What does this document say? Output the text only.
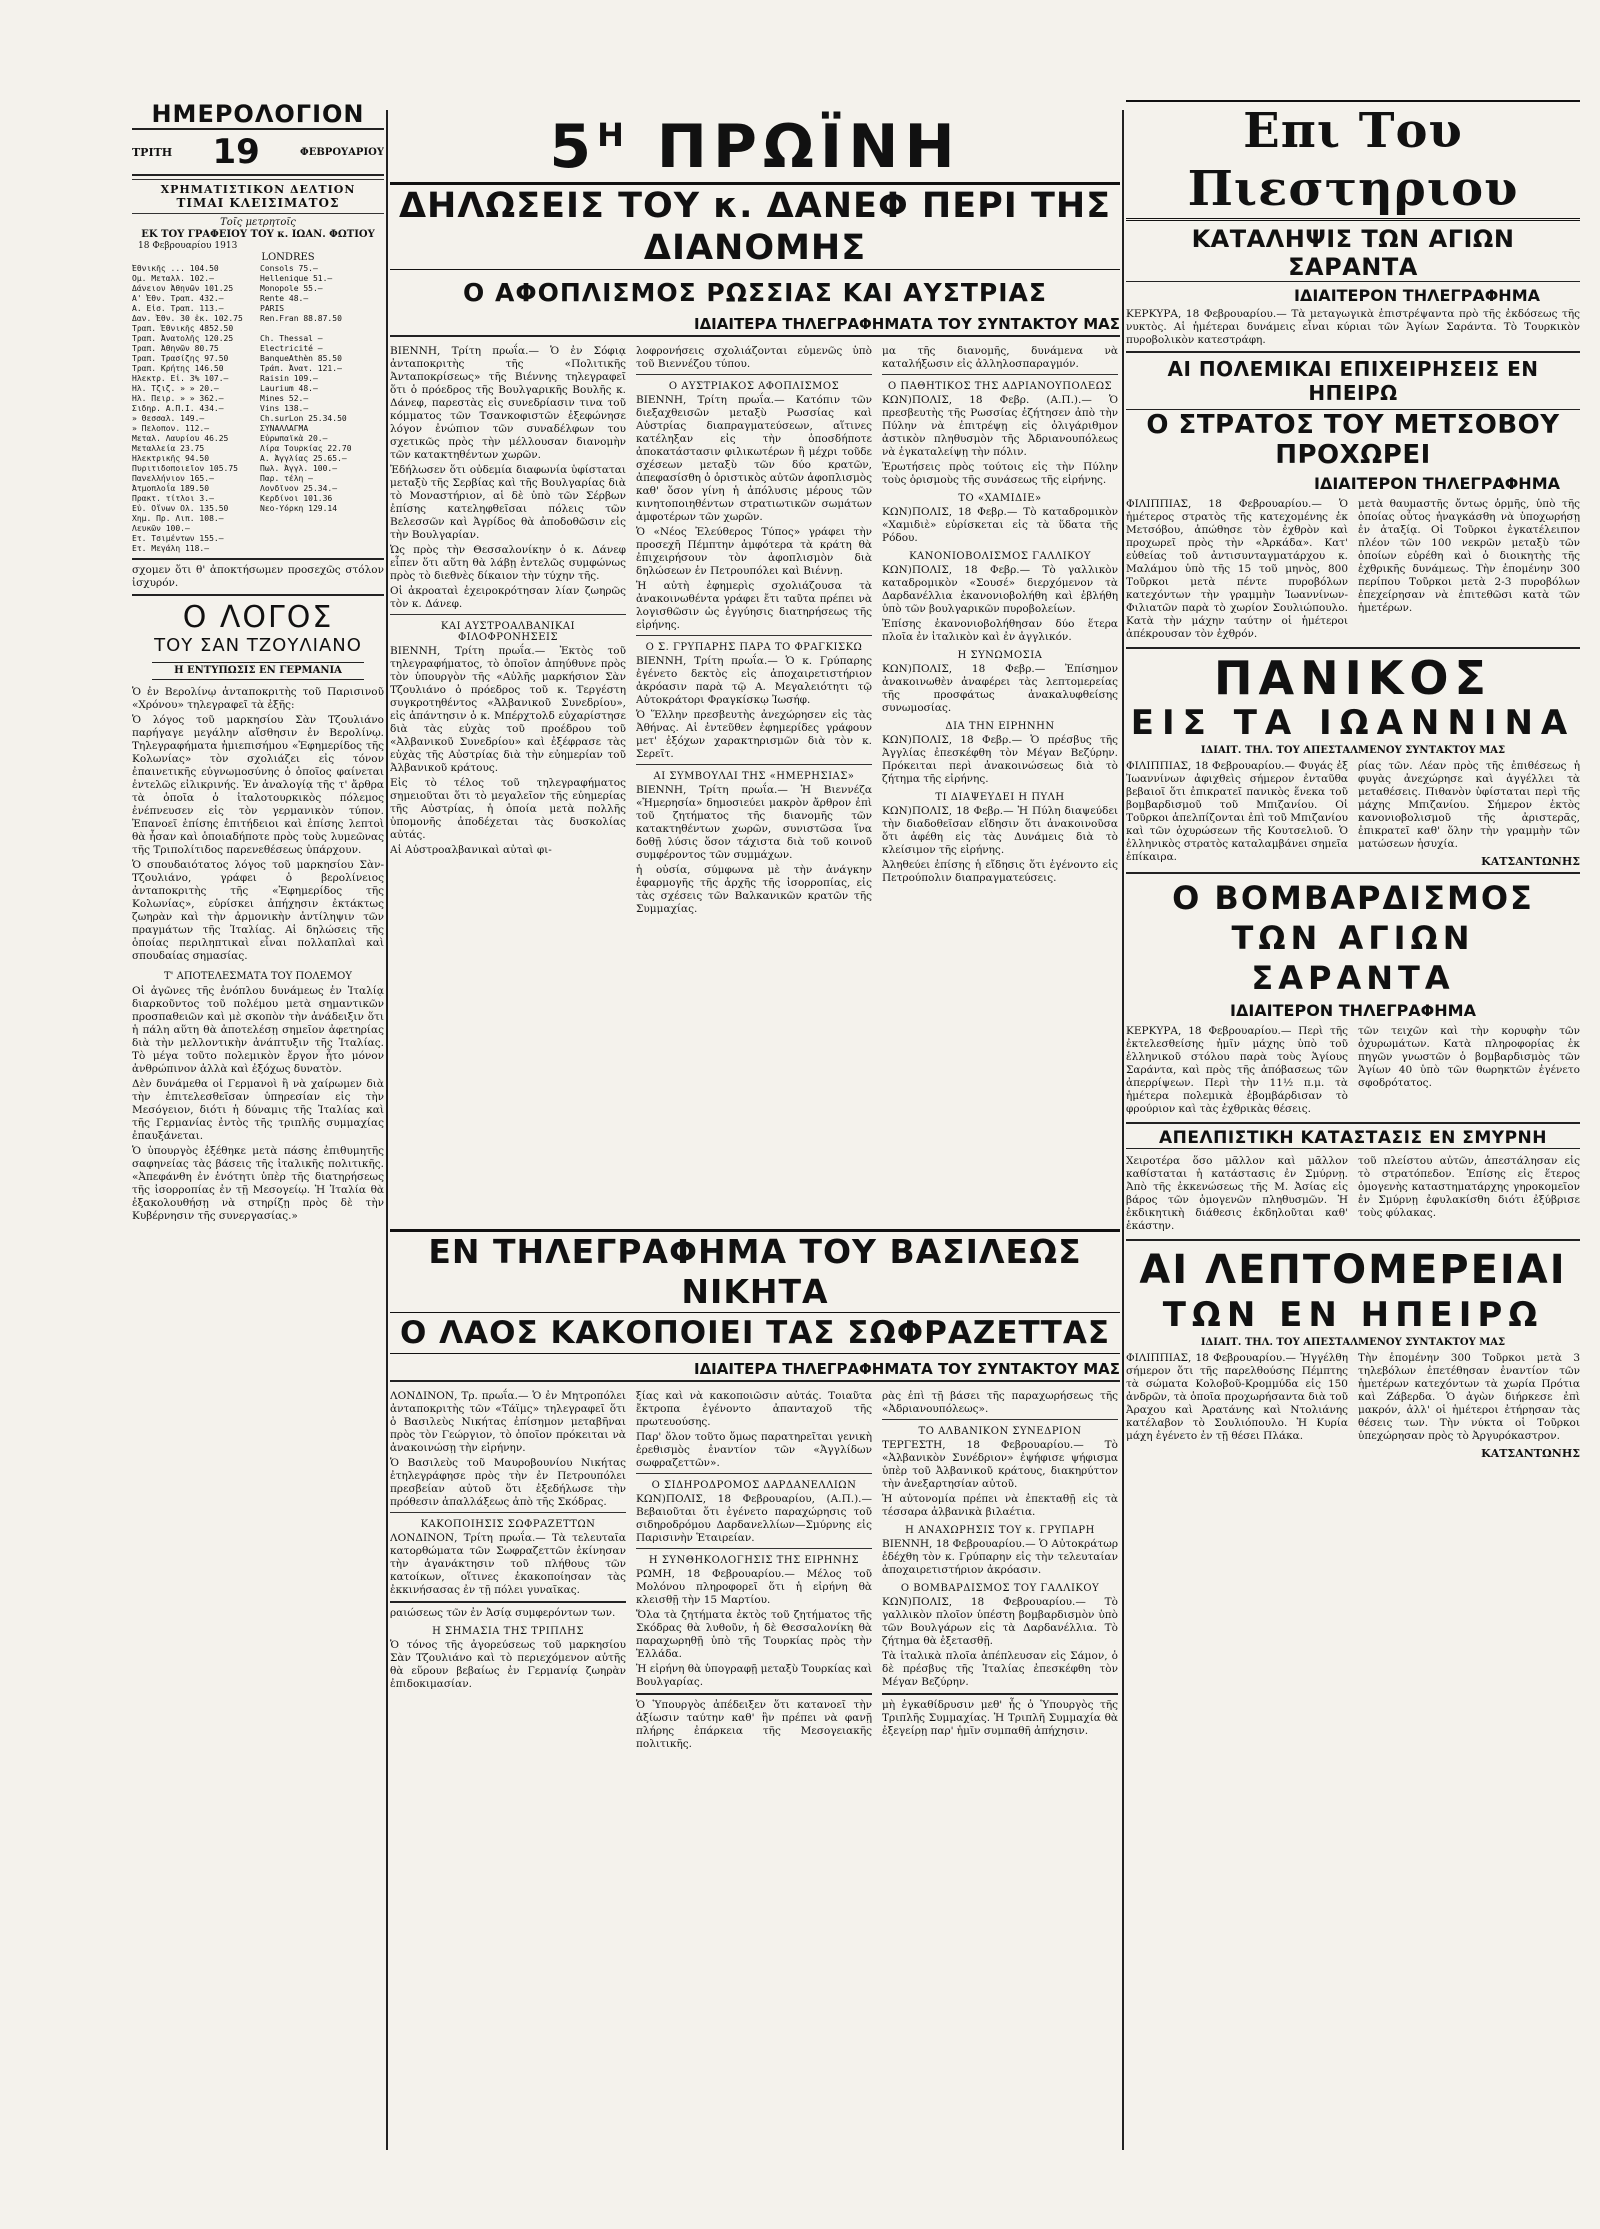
ΗΜΕΡΟΛΟΓΙΟΝ
ΤΡΙΤΗ 19	ΦΕΒΡΟΥΑΡΙΟΥ
ΧΡΗΜΑΤΙΣΤΙΚΟΝ ΔΕΛΤΙΟΝ
ΤΙΜΑΙ ΚΛΕΙΣΙΜΑΤΟΣ
Τοῖς μετρητοῖς
ΕΚ ΤΟΥ ΓΡΑΦΕΙΟΥ ΤΟΥ κ. ΙΩΑΝ. ΦΩΤΙΟΥ
18 Φεβρουαρίου 1913
LONDRES
Ἐθνικῆς ... 104.50	Consols 75.—
Ομ. Μεταλλ. 102.—	Hellenique 51.—
Δάνειον Ἀθηνῶν 101.25	Monopole 55.—
Α' Ἐθν. Τραπ. 432.—	Rente 48.—
Α. Εἰσ. Τραπ. 113.—	PARIS
Δαν. Ἐθν. 30 ἐκ. 102.75	Ren.Fran 88.87.50
Τραπ. Ἐθνικῆς 4852.50

Τραπ. Ἀνατολῆς 120.25	Ch. Thessal —
Τραπ. Ἀθηνῶν 80.75	Electricité —
Τραπ. Τρασίζης 97.50	BanqueAthèn 85.50
Τραπ. Κρήτης 146.50	Tράπ. Ἀνατ. 121.—
Ἠλεκτρ. Εἰ. 3% 107.—	Raisin 109.—
Ἠλ. Τζιζ. » » 20.—	Laurium 48.—
Ἠλ. Πειρ. » » 362.—	Mines 52.—
Σιδηρ. Α.Π.Ι. 434.—	Vins 138.—
» Θεσσαλ. 149.—	Ch.surLon 25.34.50
» Πελοπον. 112.—	ΣΥΝΑΛΛΑΓΜΑ
Μεταλ. Λαυρίου 46.25	Εὐρωπαϊκὰ 20.—
Μεταλλεία 23.75	Λίρα Τουρκίας 22.70
Ἠλεκτρικῆς 94.50	Α. Ἀγγλίας 25.65.—
Πυριτιδοποιεῖον 105.75	Πωλ. Ἀγγλ. 100.—
Πανελλήνιον 165.—	Παρ. τέλη —
Ἀτμοπλοΐα 189.50	Λονδῖνον 25.34.—
Πρακτ. τίτλοι 3.—	Κερδίνοι 101.36
Εὐ. Οἴνων Ολ. 135.50	Νεο-Υόρκη 129.14
Χημ. Πρ. Λιπ. 108.—

Λευκῶν 100.—

Ετ. Τσιμέντων 155.—

Ετ. Μεγάλη 118.—

σχομεν ὅτι θ' ἀποκτήσωμεν προσεχῶς στόλον ἰσχυρόν.

Ο ΛΟΓΟΣ
ΤΟΥ ΣΑΝ ΤΖΟΥΛΙΑΝΟ
Η ΕΝΤΥΠΩΣΙΣ ΕΝ ΓΕΡΜΑΝΙΑ

Ὁ ἐν Βερολίνῳ ἀνταποκριτὴς τοῦ Παρισινοῦ «Χρόνου» τηλεγραφεῖ τὰ ἑξῆς:

Ὁ λόγος τοῦ μαρκησίου Σὰν Τζουλιάνο παρήγαγε μεγάλην αἴσθησιν ἐν Βερολίνῳ. Τηλεγραφήματα ἡμιεπισήμου «Ἐφημερίδος τῆς Κολωνίας» τὸν σχολιάζει εἰς τόνον ἐπαινετικῆς εὐγνωμοσύνης ὁ ὁποῖος φαίνεται ἐντελῶς εἰλικρινής. Ἐν ἀναλογίᾳ τῆς τ' ἄρθρα τὰ ὁποῖα ὁ ἰταλοτουρκικὸς πόλεμος ἐνέπνευσεν εἰς τὸν γερμανικὸν τύπον. Ἐπανοεῖ ἐπίσης ἐπιτήδειοι καὶ ἐπίσης λεπτοὶ θὰ ἦσαν καὶ ὁποιαδήποτε πρὸς τοὺς λυμεῶνας τῆς Τριπολίτιδος παρενεθέσεως ὑπάρχουν.

Ὁ σπουδαιότατος λόγος τοῦ μαρκησίου Σὰν-Τζουλιάνο, γράφει ὁ βερολίνειος ἀνταποκριτὴς τῆς «Ἐφημερίδος τῆς Κολωνίας», εὑρίσκει ἀπήχησιν ἐκτάκτως ζωηρὰν καὶ τὴν ἀρμονικὴν ἀντίληψιν τῶν πραγμάτων τῆς Ἰταλίας. Αἱ δηλώσεις τῆς ὁποίας περιληπτικαὶ εἶναι πολλαπλαὶ καὶ σπουδαίας σημασίας.

Τ' ΑΠΟΤΕΛΕΣΜΑΤΑ ΤΟΥ ΠΟΛΕΜΟΥ

Οἱ ἀγῶνες τῆς ἐνόπλου δυνάμεως ἐν Ἰταλίᾳ διαρκοῦντος τοῦ πολέμου μετὰ σημαντικῶν προσπαθειῶν καὶ μὲ σκοπὸν τὴν ἀνάδειξιν ὅτι ἡ πάλη αὕτη θὰ ἀποτελέσῃ σημεῖον ἀφετηρίας διὰ τὴν μελλοντικὴν ἀνάπτυξιν τῆς Ἰταλίας. Τὸ μέγα τοῦτο πολεμικὸν ἔργον ἦτο μόνον ἀνθρώπινον ἀλλὰ καὶ ἐξόχως δυνατὸν.

Δὲν δυνάμεθα οἱ Γερμανοὶ ἢ νὰ χαίρωμεν διὰ τὴν ἐπιτελεσθεῖσαν ὑπηρεσίαν εἰς τὴν Μεσόγειον, διότι ἡ δύναμις τῆς Ἰταλίας καὶ τῆς Γερμανίας ἐντὸς τῆς τριπλῆς συμμαχίας ἐπαυξάνεται.

Ὁ ὑπουργὸς ἐξέθηκε μετὰ πάσης ἐπιθυμητῆς σαφηνείας τὰς βάσεις τῆς ἰταλικῆς πολιτικῆς. «Ἀπεφάνθη ἐν ἑνότητι ὑπὲρ τῆς διατηρήσεως τῆς ἰσορροπίας ἐν τῇ Μεσογείῳ. Ἡ Ἰταλία θὰ ἐξακολουθήσῃ νὰ στηρίζῃ πρὸς δὲ τὴν Κυβέρνησιν τῆς συνεργασίας.»

$5^H$ ΠΡΩΪΝΗ
ΔΗΛΩΣΕΙΣ ΤΟΥ κ. ΔΑΝΕΦ ΠΕΡΙ ΤΗΣ ΔΙΑΝΟΜΗΣ
Ο ΑΦΟΠΛΙΣΜΟΣ ΡΩΣΣΙΑΣ ΚΑΙ ΑΥΣΤΡΙΑΣ
ΙΔΙΑΙΤΕΡΑ ΤΗΛΕΓΡΑΦΗΜΑΤΑ ΤΟΥ ΣΥΝΤΑΚΤΟΥ ΜΑΣ

ΒΙΕΝΝΗ, Τρίτη πρωΐα.— Ὁ ἐν Σόφιᾳ ἀνταποκριτὴς τῆς «Πολιτικῆς Ἀνταποκρίσεως» τῆς Βιέννης τηλεγραφεῖ ὅτι ὁ πρόεδρος τῆς Βουλγαρικῆς Βουλῆς κ. Δάνεφ, παρεστὰς εἰς συνεδρίασιν τινα τοῦ κόμματος τῶν Τσανκοφιστῶν ἐξεφώνησε λόγον ἐνώπιον τῶν συναδέλφων του σχετικῶς πρὸς τὴν μέλλουσαν διανομὴν τῶν κατακτηθέντων χωρῶν.

Ἐδήλωσεν ὅτι οὐδεμία διαφωνία ὑφίσταται μεταξὺ τῆς Σερβίας καὶ τῆς Βουλγαρίας διὰ τὸ Μοναστήριον, αἱ δὲ ὑπὸ τῶν Σέρβων ἐπίσης κατεληφθεῖσαι πόλεις τῶν Βελεσσῶν καὶ Ἀγρίδος θὰ ἀποδοθῶσιν εἰς τὴν Βουλγαρίαν.

Ὡς πρὸς τὴν Θεσσαλονίκην ὁ κ. Δάνεφ εἶπεν ὅτι αὕτη θὰ λάβῃ ἐντελῶς συμφώνως πρὸς τὸ διεθνὲς δίκαιον τὴν τύχην τῆς.

Οἱ ἀκροαταὶ ἐχειροκρότησαν λίαν ζωηρῶς τὸν κ. Δάνεφ.

ΚΑΙ ΑΥΣΤΡΟΑΛΒΑΝΙΚΑΙ ΦΙΛΟΦΡΟΝΗΣΕΙΣ

ΒΙΕΝΝΗ, Τρίτη πρωΐα.— Ἐκτὸς τοῦ τηλεγραφήματος, τὸ ὁποῖον ἀπηύθυνε πρὸς τὸν ὑπουργὸν τῆς «Αὐλῆς μαρκήσιον Σὰν Τζουλιάνο ὁ πρόεδρος τοῦ κ. Τεργέστη συγκροτηθέντος «Ἀλβανικοῦ Συνεδρίου», εἰς ἀπάντησιν ὁ κ. Μπέρχτολδ εὐχαρίστησε διὰ τὰς εὐχὰς τοῦ προέδρου τοῦ «Ἀλβανικοῦ Συνεδρίου» καὶ ἐξέφρασε τὰς εὐχὰς τῆς Αὐστρίας διὰ τὴν εὐημερίαν τοῦ Ἀλβανικοῦ κράτους.

Εἰς τὸ τέλος τοῦ τηλεγραφήματος σημειοῦται ὅτι τὸ μεγαλεῖον τῆς εὐημερίας τῆς Αὐστρίας, ἡ ὁποία μετὰ πολλῆς ὑπομονῆς ἀποδέχεται τὰς δυσκολίας αὐτάς.

Αἱ Αὐστροαλβανικαὶ αὐταὶ φι-

λοφρονήσεις σχολιάζονται εὐμενῶς ὑπὸ τοῦ Βιεννέζου τύπου.

Ο ΑΥΣΤΡΙΑΚΟΣ ΑΦΟΠΛΙΣΜΟΣ

ΒΙΕΝΝΗ, Τρίτη πρωΐα.— Κατόπιν τῶν διεξαχθεισῶν μεταξὺ Ρωσσίας καὶ Αὐστρίας διαπραγματεύσεων, αἵτινες κατέληξαν εἰς τὴν ὁποσδήποτε ἀποκατάστασιν φιλικωτέρων ἢ μέχρι τοῦδε σχέσεων μεταξὺ τῶν δύο κρατῶν, ἀπεφασίσθη ὁ ὁριστικὸς αὐτῶν ἀφοπλισμὸς καθ' ὅσον γίνη ἡ ἀπόλυσις μέρους τῶν κινητοποιηθέντων στρατιωτικῶν σωμάτων ἀμφοτέρων τῶν χωρῶν.

Ὁ «Νέος Ἐλεύθερος Τύπος» γράφει τὴν προσεχῆ Πέμπτην ἀμφότερα τὰ κράτη θὰ ἐπιχειρήσουν τὸν ἀφοπλισμὸν διὰ δηλώσεων ἐν Πετρουπόλει καὶ Βιέννῃ.

Ἡ αὐτὴ ἐφημερὶς σχολιάζουσα τὰ ἀνακοινωθέντα γράφει ἔτι ταῦτα πρέπει νὰ λογισθῶσιν ὡς ἐγγύησις διατηρήσεως τῆς εἰρήνης.

Ο Σ. ΓΡΥΠΑΡΗΣ ΠΑΡΑ ΤΟ ΦΡΑΓΚΙΣΚΩ

ΒΙΕΝΝΗ, Τρίτη πρωΐα.— Ὁ κ. Γρύπαρης ἐγένετο δεκτὸς εἰς ἀποχαιρετιστήριον ἀκρόασιν παρὰ τῷ Α. Μεγαλειότητι τῷ Αὐτοκράτορι Φραγκίσκῳ Ἰωσήφ.

Ὁ Ἕλλην πρεσβευτὴς ἀνεχώρησεν εἰς τὰς Ἀθήνας. Αἱ ἐντεῦθεν ἐφημερίδες γράφουν μετ' ἐξόχων χαρακτηρισμῶν διὰ τὸν κ. Σερεῖτ.

ΑΙ ΣΥΜΒΟΥΛΑΙ ΤΗΣ «ΗΜΕΡΗΣΙΑΣ»

ΒΙΕΝΝΗ, Τρίτη πρωΐα.— Ἡ Βιεννέζα «Ἡμερησία» δημοσιεύει μακρὸν ἄρθρον ἐπὶ τοῦ ζητήματος τῆς διανομῆς τῶν κατακτηθέντων χωρῶν, συνιστῶσα ἵνα δοθῇ λύσις ὅσον τάχιστα διὰ τοῦ κοινοῦ συμφέροντος τῶν συμμάχων.

ἡ οὐσία, σύμφωνα μὲ τὴν ἀνάγκην ἐφαρμογῆς τῆς ἀρχῆς τῆς ἰσορροπίας, εἰς τὰς σχέσεις τῶν Βαλκανικῶν κρατῶν τῆς Συμμαχίας.

μα τῆς διανομῆς, δυνάμενα νὰ καταλήξωσιν εἰς ἀλληλοσπαραγμόν.

Ο ΠΑΘΗΤΙΚΟΣ ΤΗΣ ΑΔΡΙΑΝΟΥΠΟΛΕΩΣ

ΚΩΝ)ΠΟΛΙΣ, 18 Φεβρ. (Α.Π.).— Ὁ πρεσβευτὴς τῆς Ρωσσίας ἐζήτησεν ἀπὸ τὴν Πύλην νὰ ἐπιτρέψῃ εἰς ὀλιγάριθμον ἀστικὸν πληθυσμὸν τῆς Ἀδριανουπόλεως νὰ ἐγκαταλείψῃ τὴν πόλιν.

Ἐρωτήσεις πρὸς τούτοις εἰς τὴν Πύλην τοὺς ὁρισμοὺς τῆς συνάσεως τῆς εἰρήνης.

ΤΟ «ΧΑΜΙΔΙΕ»

ΚΩΝ)ΠΟΛΙΣ, 18 Φεβρ.— Τὸ καταδρομικὸν «Χαμιδιὲ» εὑρίσκεται εἰς τὰ ὕδατα τῆς Ρόδου.

ΚΑΝΟΝΙΟΒΟΛΙΣΜΟΣ ΓΑΛΛΙΚΟΥ

ΚΩΝ)ΠΟΛΙΣ, 18 Φεβρ.— Τὸ γαλλικὸν καταδρομικὸν «Σουσέ» διερχόμενον τὰ Δαρδανέλλια ἐκανονιοβολήθη καὶ ἐβλήθη ὑπὸ τῶν βουλγαρικῶν πυροβολείων.

Ἐπίσης ἐκανονιοβολήθησαν δύο ἕτερα πλοῖα ἐν ἰταλικὸν καὶ ἐν ἀγγλικόν.

Η ΣΥΝΩΜΟΣΙΑ

ΚΩΝ)ΠΟΛΙΣ, 18 Φεβρ.— Ἐπίσημον ἀνακοινωθὲν ἀναφέρει τὰς λεπτομερείας τῆς προσφάτως ἀνακαλυφθείσης συνωμοσίας.

ΔΙΑ ΤΗΝ ΕΙΡΗΝΗΝ

ΚΩΝ)ΠΟΛΙΣ, 18 Φεβρ.— Ὁ πρέσβυς τῆς Ἀγγλίας ἐπεσκέφθη τὸν Μέγαν Βεζύρην. Πρόκειται περὶ ἀνακοινώσεως διὰ τὸ ζήτημα τῆς εἰρήνης.

ΤΙ ΔΙΑΨΕΥΔΕΙ Η ΠΥΛΗ

ΚΩΝ)ΠΟΛΙΣ, 18 Φεβρ.— Ἡ Πύλη διαψεύδει τὴν διαδοθεῖσαν εἴδησιν ὅτι ἀνακοινοῦσα ὅτι ἀφέθη εἰς τὰς Δυνάμεις διὰ τὸ κλείσιμον τῆς εἰρήνης.

Ἀληθεύει ἐπίσης ἡ εἴδησις ὅτι ἐγένοντο εἰς Πετρούπολιν διαπραγματεύσεις.

ΕΝ ΤΗΛΕΓΡΑΦΗΜΑ ΤΟΥ ΒΑΣΙΛΕΩΣ ΝΙΚΗΤΑ
Ο ΛΑΟΣ ΚΑΚΟΠΟΙΕΙ ΤΑΣ ΣΩΦΡΑΖΕΤΤΑΣ
ΙΔΙΑΙΤΕΡΑ ΤΗΛΕΓΡΑΦΗΜΑΤΑ ΤΟΥ ΣΥΝΤΑΚΤΟΥ ΜΑΣ

ΛΟΝΔΙΝΟΝ, Τρ. πρωΐα.— Ὁ ἐν Μητροπόλει ἀνταποκριτὴς τῶν «Τάϊμς» τηλεγραφεῖ ὅτι ὁ Βασιλεὺς Νικήτας ἐπίσημον μεταβῆναι πρὸς τὸν Γεώργιον, τὸ ὁποῖον πρόκειται νὰ ἀνακοινώσῃ τὴν εἰρήνην.

Ὁ Βασιλεὺς τοῦ Μαυροβουνίου Νικήτας ἐτηλεγράφησε πρὸς τὴν ἐν Πετρουπόλει πρεσβείαν αὐτοῦ ὅτι ἐξεδήλωσε τὴν πρόθεσιν ἀπαλλάξεως ἀπὸ τῆς Σκόδρας.

ΚΑΚΟΠΟΙΗΣΙΣ ΣΩΦΡΑΖΕΤΤΩΝ

ΛΟΝΔΙΝΟΝ, Τρίτη πρωΐα.— Τὰ τελευταῖα κατορθώματα τῶν Σωφραζεττῶν ἐκίνησαν τὴν ἀγανάκτησιν τοῦ πλήθους τῶν κατοίκων, οἵτινες ἐκακοποίησαν τὰς ἐκκινήσασας ἐν τῇ πόλει γυναῖκας.

ραιώσεως τῶν ἐν Ἀσίᾳ συμφερόντων των.

Η ΣΗΜΑΣΙΑ ΤΗΣ ΤΡΙΠΛΗΣ

Ὁ τόνος τῆς ἀγορεύσεως τοῦ μαρκησίου Σὰν Τζουλιάνο καὶ τὸ περιεχόμενον αὐτῆς θὰ εὕρουν βεβαίως ἐν Γερμανίᾳ ζωηρὰν ἐπιδοκιμασίαν.

ξίας καὶ νὰ κακοποιῶσιν αὐτάς. Τοιαῦτα ἔκτροπα ἐγένοντο ἀπανταχοῦ τῆς πρωτευούσης.

Παρ' ὅλον τοῦτο ὅμως παρατηρεῖται γενικὴ ἐρεθισμὸς ἐναντίον τῶν «Ἀγγλίδων σωφραζεττῶν».

Ο ΣΙΔΗΡΟΔΡΟΜΟΣ ΔΑΡΔΑΝΕΛΛΙΩΝ

ΚΩΝ)ΠΟΛΙΣ, 18 Φεβρουαρίου, (Α.Π.).— Βεβαιοῦται ὅτι ἐγένετο παραχώρησις τοῦ σιδηροδρόμου Δαρδανελλίων—Σμύρνης εἰς Παρισινὴν Ἑταιρείαν.

Η ΣΥΝΘΗΚΟΛΟΓΗΣΙΣ ΤΗΣ ΕΙΡΗΝΗΣ

ΡΩΜΗ, 18 Φεβρουαρίου.— Μέλος τοῦ Μολόνου πληροφορεῖ ὅτι ἡ εἰρήνη θὰ κλεισθῇ τὴν 15 Μαρτίου.

Ὅλα τὰ ζητήματα ἐκτὸς τοῦ ζητήματος τῆς Σκόδρας θὰ λυθοῦν, ἡ δὲ Θεσσαλονίκη θὰ παραχωρηθῇ ὑπὸ τῆς Τουρκίας πρὸς τὴν Ἑλλάδα.

Ἡ εἰρήνη θὰ ὑπογραφῇ μεταξὺ Τουρκίας καὶ Βουλγαρίας.

Ὁ Ὑπουργὸς ἀπέδειξεν ὅτι κατανοεῖ τὴν ἀξίωσιν ταύτην καθ' ἣν πρέπει νὰ φανῇ πλήρης ἐπάρκεια τῆς Μεσογειακῆς πολιτικῆς.

ρὰς ἐπὶ τῇ βάσει τῆς παραχωρήσεως τῆς «Ἀδριανουπόλεως».

ΤΟ ΑΛΒΑΝΙΚΟΝ ΣΥΝΕΔΡΙΟΝ

ΤΕΡΓΕΣΤΗ, 18 Φεβρουαρίου.— Τὸ «Ἀλβανικὸν Συνέδριον» ἐψήφισε ψήφισμα ὑπὲρ τοῦ Ἀλβανικοῦ κράτους, διακηρύττον τὴν ἀνεξαρτησίαν αὐτοῦ.

Ἡ αὐτονομία πρέπει νὰ ἐπεκταθῇ εἰς τὰ τέσσαρα ἀλβανικὰ βιλαέτια.

Η ΑΝΑΧΩΡΗΣΙΣ ΤΟΥ κ. ΓΡΥΠΑΡΗ

ΒΙΕΝΝΗ, 18 Φεβρουαρίου.— Ὁ Αὐτοκράτωρ ἐδέχθη τὸν κ. Γρύπαρην εἰς τὴν τελευταίαν ἀποχαιρετιστήριον ἀκρόασιν.

Ο ΒΟΜΒΑΡΔΙΣΜΟΣ ΤΟΥ ΓΑΛΛΙΚΟΥ

ΚΩΝ)ΠΟΛΙΣ, 18 Φεβρουαρίου.— Τὸ γαλλικὸν πλοῖον ὑπέστη βομβαρδισμὸν ὑπὸ τῶν Βουλγάρων εἰς τὰ Δαρδανέλλια. Τὸ ζήτημα θὰ ἐξετασθῇ.

Τὰ ἰταλικὰ πλοῖα ἀπέπλευσαν εἰς Σάμον, ὁ δὲ πρέσβυς τῆς Ἰταλίας ἐπεσκέφθη τὸν Μέγαν Βεζύρην.

μὴ ἐγκαθίδρυσιν μεθ' ἧς ὁ Ὑπουργὸς τῆς Τριπλῆς Συμμαχίας. Ἡ Τριπλῆ Συμμαχία θὰ ἐξεγείρῃ παρ' ἡμῖν συμπαθῆ ἀπήχησιν.

Επι Του Πιεστηριου
ΚΑΤΑΛΗΨΙΣ ΤΩΝ ΑΓΙΩΝ ΣΑΡΑΝΤΑ
ΙΔΙΑΙΤΕΡΟΝ ΤΗΛΕΓΡΑΦΗΜΑ

ΚΕΡΚΥΡΑ, 18 Φεβρουαρίου.— Τὰ μεταγωγικὰ ἐπιστρέψαντα πρὸ τῆς ἐκδόσεως τῆς νυκτὸς. Αἱ ἡμέτεραι δυνάμεις εἶναι κύριαι τῶν Ἁγίων Σαράντα. Τὸ Τουρκικὸν πυροβολικὸν κατεστράφη.

ΑΙ ΠΟΛΕΜΙΚΑΙ ΕΠΙΧΕΙΡΗΣΕΙΣ ΕΝ ΗΠΕΙΡΩ
Ο ΣΤΡΑΤΟΣ ΤΟΥ ΜΕΤΣΟΒΟΥ ΠΡΟΧΩΡΕΙ
ΙΔΙΑΙΤΕΡΟΝ ΤΗΛΕΓΡΑΦΗΜΑ

ΦΙΛΙΠΠΙΑΣ, 18 Φεβρουαρίου.— Ὁ ἡμέτερος στρατὸς τῆς κατεχομένης ἐκ Μετσόβου, ἀπώθησε τὸν ἐχθρὸν καὶ προχωρεῖ πρὸς τὴν «Ἀρκάδα». Κατ' εὐθείας τοῦ ἀντισυνταγματάρχου κ. Μαλάμου ὑπὸ τῆς 15 τοῦ μηνὸς, 800 Τοῦρκοι μετὰ πέντε πυροβόλων κατεχόντων τὴν γραμμὴν Ἰωαννίνων-Φιλιατῶν παρὰ τὸ χωρίον Σουλιώπουλο. Κατὰ τὴν μάχην ταύτην οἱ ἡμέτεροι ἀπέκρουσαν τὸν ἐχθρόν.

μετὰ θαυμαστῆς ὄντως ὁρμῆς, ὑπὸ τῆς ὁποίας οὗτος ἠναγκάσθη νὰ ὑποχωρήσῃ ἐν ἀταξίᾳ. Οἱ Τοῦρκοι ἐγκατέλειπον πλέον τῶν 100 νεκρῶν μεταξὺ τῶν ὁποίων εὐρέθη καὶ ὁ διοικητὴς τῆς ἐχθρικῆς δυνάμεως. Τὴν ἑπομένην 300 περίπου Τοῦρκοι μετὰ 2-3 πυροβόλων ἐπεχείρησαν νὰ ἐπιτεθῶσι κατὰ τῶν ἡμετέρων.

ΠΑΝΙΚΟΣ
ΕΙΣ ΤΑ ΙΩΑΝΝΙΝΑ
ΙΔΙΑΙΤ. ΤΗΛ. ΤΟΥ ΑΠΕΣΤΑΛΜΕΝΟΥ ΣΥΝΤΑΚΤΟΥ ΜΑΣ

ΦΙΛΙΠΠΙΑΣ, 18 Φεβρουαρίου.— Φυγάς ἐξ Ἰωαννίνων ἀφιχθεὶς σήμερον ἐνταῦθα βεβαιοῖ ὅτι ἐπικρατεῖ πανικὸς ἕνεκα τοῦ βομβαρδισμοῦ τοῦ Μπιζανίου. Οἱ Τοῦρκοι ἀπελπίζονται ἐπὶ τοῦ Μπιζανίου καὶ τῶν ὀχυρώσεων τῆς Κουτσελιοῦ. Ὁ ἑλληνικὸς στρατὸς καταλαμβάνει σημεῖα ἐπίκαιρα.

ρίας τῶν. Λέαν πρὸς τῆς ἐπιθέσεως ἡ φυγὰς ἀνεχώρησε καὶ ἀγγέλλει τὰ μεταθέσεις. Πιθανὸν ὑφίσταται περὶ τῆς μάχης Μπιζανίου. Σήμερον ἐκτὸς κανονιοβολισμοῦ τῆς ἀριστερᾶς, ἐπικρατεῖ καθ' ὅλην τὴν γραμμὴν τῶν ματώσεων ἡσυχία.

ΚΑΤΣΑΝΤΩΝΗΣ
Ο ΒΟΜΒΑΡΔΙΣΜΟΣ
ΤΩΝ ΑΓΙΩΝ ΣΑΡΑΝΤΑ
ΙΔΙΑΙΤΕΡΟΝ ΤΗΛΕΓΡΑΦΗΜΑ

ΚΕΡΚΥΡΑ, 18 Φεβρουαρίου.— Περὶ τῆς ἐκτελεσθείσης ἡμῖν μάχης ὑπὸ τοῦ ἑλληνικοῦ στόλου παρὰ τοὺς Ἁγίους Σαράντα, καὶ πρὸς τῆς ἀπόβασεως τῶν ἀπερρίψεων. Περὶ τὴν 11½ π.μ. τὰ ἡμέτερα πολεμικὰ ἐβομβάρδισαν τὸ φρούριον καὶ τὰς ἐχθρικὰς θέσεις.

τῶν τειχῶν καὶ τὴν κορυφὴν τῶν ὀχυρωμάτων. Κατὰ πληροφορίας ἐκ πηγῶν γνωστῶν ὁ βομβαρδισμὸς τῶν Ἁγίων 40 ὑπὸ τῶν θωρηκτῶν ἐγένετο σφοδρότατος.

ΑΠΕΛΠΙΣΤΙΚΗ ΚΑΤΑΣΤΑΣΙΣ ΕΝ ΣΜΥΡΝΗ

Χειροτέρα ὅσο μᾶλλον καὶ μᾶλλον καθίσταται ἡ κατάστασις ἐν Σμύρνῃ. Ἀπὸ τῆς ἐκκενώσεως τῆς Μ. Ἀσίας εἰς βάρος τῶν ὁμογενῶν πληθυσμῶν. Ἡ ἐκδικητικὴ διάθεσις ἐκδηλοῦται καθ' ἑκάστην.

τοῦ πλείστου αὐτῶν, ἀπεστάλησαν εἰς τὸ στρατόπεδον. Ἐπίσης εἰς ἕτερος ὁμογενὴς καταστηματάρχης γηροκομεῖον ἐν Σμύρνῃ ἐφυλακίσθη διότι ἐξύβρισε τοὺς φύλακας.

ΑΙ ΛΕΠΤΟΜΕΡΕΙΑΙ
ΤΩΝ ΕΝ ΗΠΕΙΡΩ
ΙΔΙΑΙΤ. ΤΗΛ. ΤΟΥ ΑΠΕΣΤΑΛΜΕΝΟΥ ΣΥΝΤΑΚΤΟΥ ΜΑΣ

ΦΙΛΙΠΠΙΑΣ, 18 Φεβρουαρίου.— Ἠγγέλθη σήμερον ὅτι τῆς παρελθούσης Πέμπτης τὰ σώματα Κολοβοῦ-Κρομμύδα εἰς 150 ἀνδρῶν, τὰ ὁποῖα προχωρήσαντα διὰ τοῦ Ἀραχου καὶ Ἀρατάνης καὶ Ντολιάνης κατέλαβον τὸ Σουλιόπουλο. Ἡ Κυρία μάχη ἐγένετο ἐν τῇ θέσει Πλάκα.

Τὴν ἑπομένην 300 Τοῦρκοι μετὰ 3 τηλεβόλων ἐπετέθησαν ἐναντίον τῶν ἡμετέρων κατεχόντων τὰ χωρία Πρότια καὶ Ζάβερδα. Ὁ ἀγὼν διήρκεσε ἐπὶ μακρόν, ἀλλ' οἱ ἡμέτεροι ἐτήρησαν τὰς θέσεις των. Τὴν νύκτα οἱ Τοῦρκοι ὑπεχώρησαν πρὸς τὸ Ἀργυρόκαστρον.

ΚΑΤΣΑΝΤΩΝΗΣ
